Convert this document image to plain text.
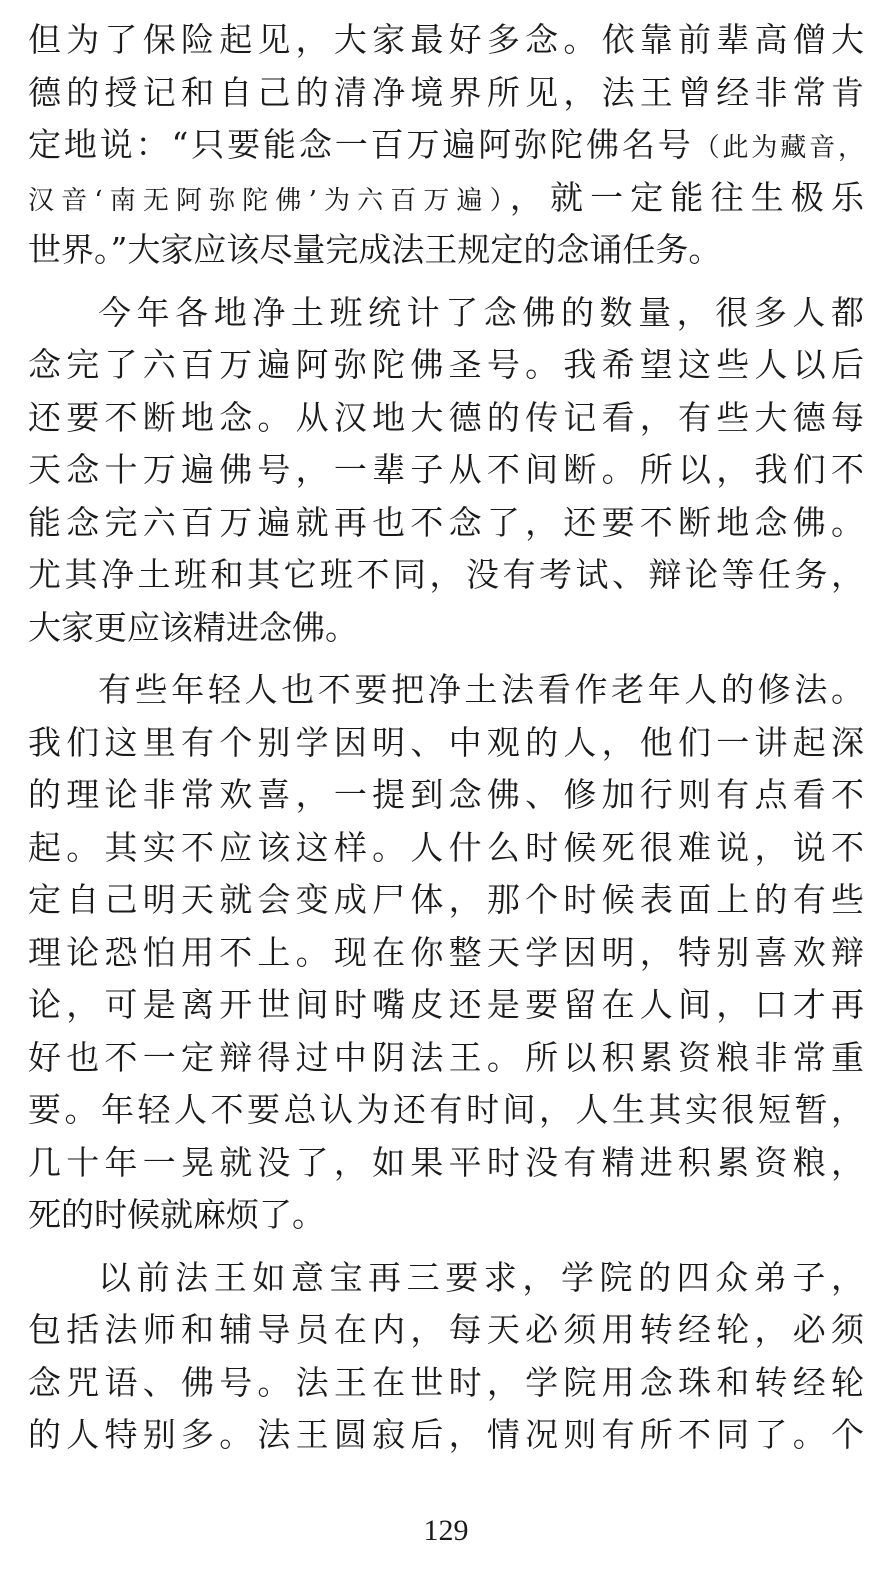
但为了保险起见，大家最好多念。依靠前辈高僧大
德的授记和自己的清净境界所见，法王曾经非常肯
定地说：“只要能念一百万遍阿弥陀佛名号（此为藏音，
汉音‘南无阿弥陀佛’为六百万遍），就一定能往生极乐
世界。”大家应该尽量完成法王规定的念诵任务。
今年各地净土班统计了念佛的数量，很多人都
念完了六百万遍阿弥陀佛圣号。我希望这些人以后
还要不断地念。从汉地大德的传记看，有些大德每
天念十万遍佛号，一辈子从不间断。所以，我们不
能念完六百万遍就再也不念了，还要不断地念佛。
尤其净土班和其它班不同，没有考试、辩论等任务，
大家更应该精进念佛。
有些年轻人也不要把净土法看作老年人的修法。
我们这里有个别学因明、中观的人，他们一讲起深
的理论非常欢喜，一提到念佛、修加行则有点看不
起。其实不应该这样。人什么时候死很难说，说不
定自己明天就会变成尸体，那个时候表面上的有些
理论恐怕用不上。现在你整天学因明，特别喜欢辩
论，可是离开世间时嘴皮还是要留在人间，口才再
好也不一定辩得过中阴法王。所以积累资粮非常重
要。年轻人不要总认为还有时间，人生其实很短暂，
几十年一晃就没了，如果平时没有精进积累资粮，
死的时候就麻烦了。
以前法王如意宝再三要求，学院的四众弟子，
包括法师和辅导员在内，每天必须用转经轮，必须
念咒语、佛号。法王在世时，学院用念珠和转经轮
的人特别多。法王圆寂后，情况则有所不同了。个
129
